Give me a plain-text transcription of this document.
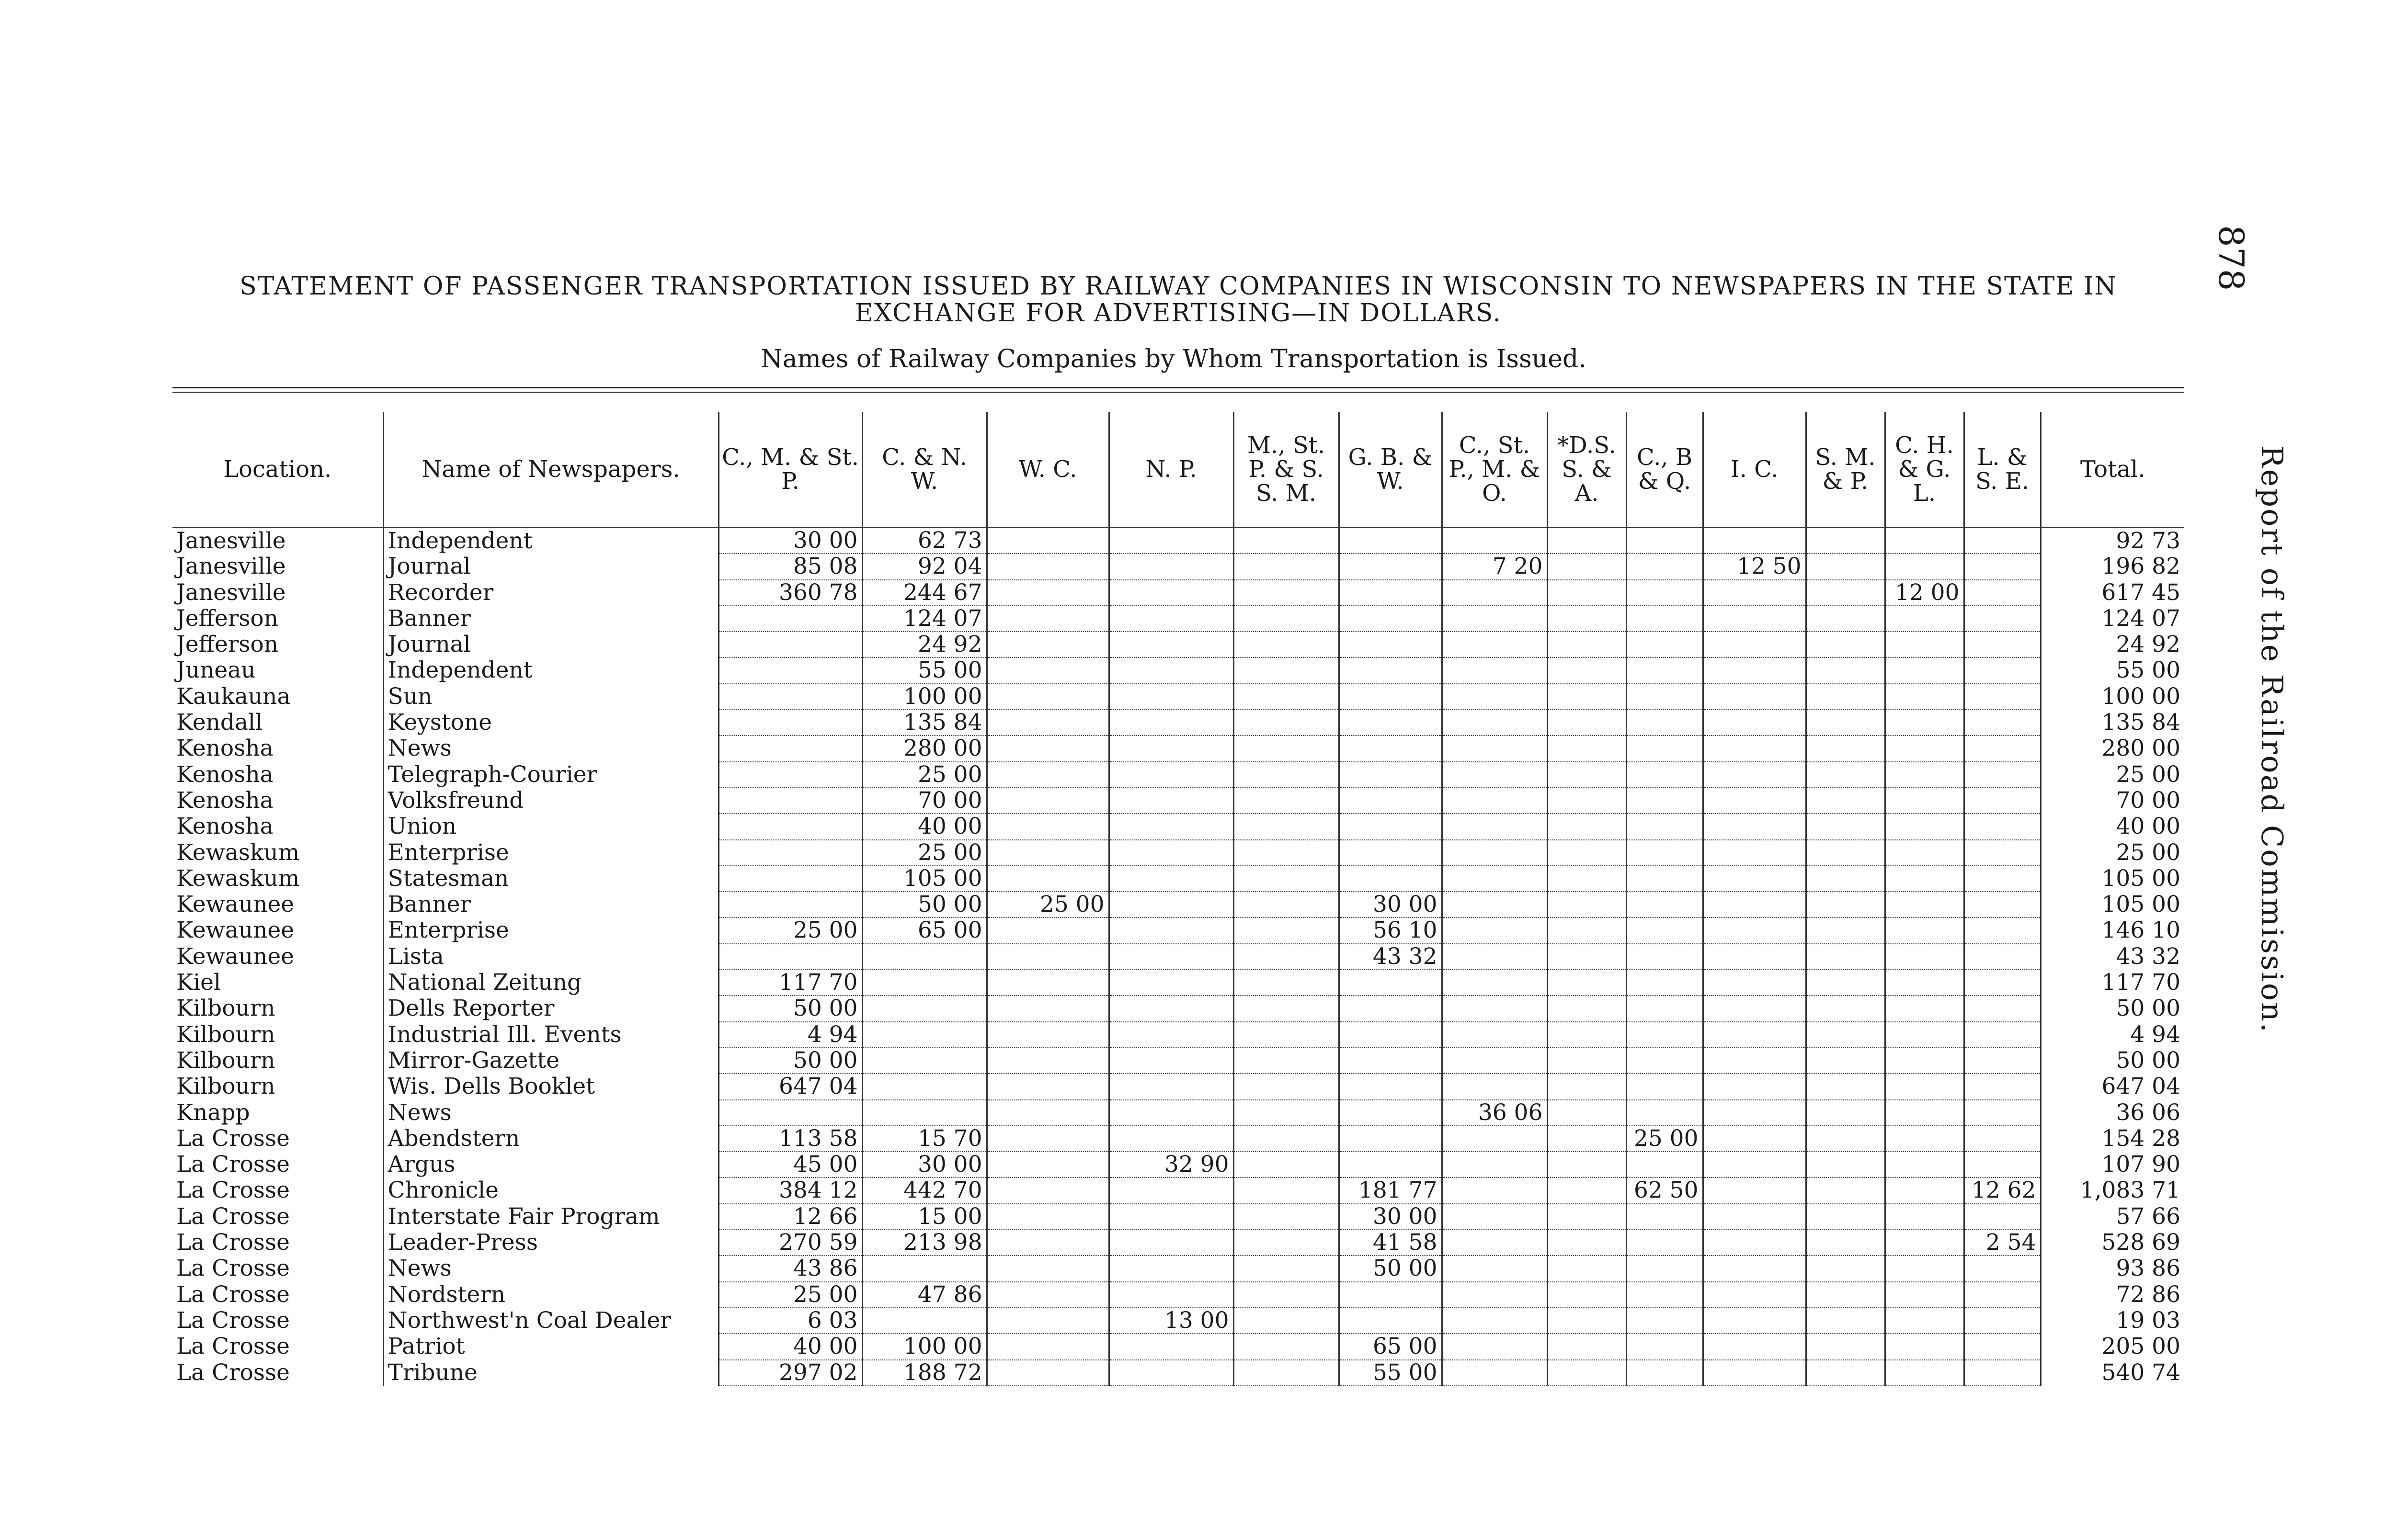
878
Report of the Railroad Commission.
STATEMENT OF PASSENGER TRANSPORTATION ISSUED BY RAILWAY COMPANIES IN WISCONSIN TO NEWSPAPERS IN THE STATE IN EXCHANGE FOR ADVERTISING—IN DOLLARS.
Names of Railway Companies by Whom Transportation is Issued.
Location.	Name of Newspapers.	C., M. & St. P.	C. & N. W.	W. C.	N. P.	M., St. P. & S. S. M.	G. B. & W.	C., St. P., M. & O.	*D.S. S. & A.	C., B & Q.	I. C.	S. M. & P.	C. H. & G. L.	L. & S. E.	Total.
Janesville	Independent	30 00	62 73												92 73
Janesville	Journal	85 08	92 04					7 20			12 50				196 82
Janesville	Recorder	360 78	244 67										12 00		617 45
Jefferson	Banner		124 07												124 07
Jefferson	Journal		24 92												24 92
Juneau	Independent		55 00												55 00
Kaukauna	Sun		100 00												100 00
Kendall	Keystone		135 84												135 84
Kenosha	News		280 00												280 00
Kenosha	Telegraph-Courier		25 00												25 00
Kenosha	Volksfreund		70 00												70 00
Kenosha	Union		40 00												40 00
Kewaskum	Enterprise		25 00												25 00
Kewaskum	Statesman		105 00												105 00
Kewaunee	Banner		50 00	25 00			30 00								105 00
Kewaunee	Enterprise	25 00	65 00				56 10								146 10
Kewaunee	Lista						43 32								43 32
Kiel	National Zeitung	117 70													117 70
Kilbourn	Dells Reporter	50 00													50 00
Kilbourn	Industrial Ill. Events	4 94													4 94
Kilbourn	Mirror-Gazette	50 00													50 00
Kilbourn	Wis. Dells Booklet	647 04													647 04
Knapp	News							36 06							36 06
La Crosse	Abendstern	113 58	15 70							25 00					154 28
La Crosse	Argus	45 00	30 00		32 90										107 90
La Crosse	Chronicle	384 12	442 70				181 77			62 50				12 62	1,083 71
La Crosse	Interstate Fair Program	12 66	15 00				30 00								57 66
La Crosse	Leader-Press	270 59	213 98				41 58							2 54	528 69
La Crosse	News	43 86					50 00								93 86
La Crosse	Nordstern	25 00	47 86												72 86
La Crosse	Northwest'n Coal Dealer	6 03			13 00										19 03
La Crosse	Patriot	40 00	100 00				65 00								205 00
La Crosse	Tribune	297 02	188 72				55 00								540 74
